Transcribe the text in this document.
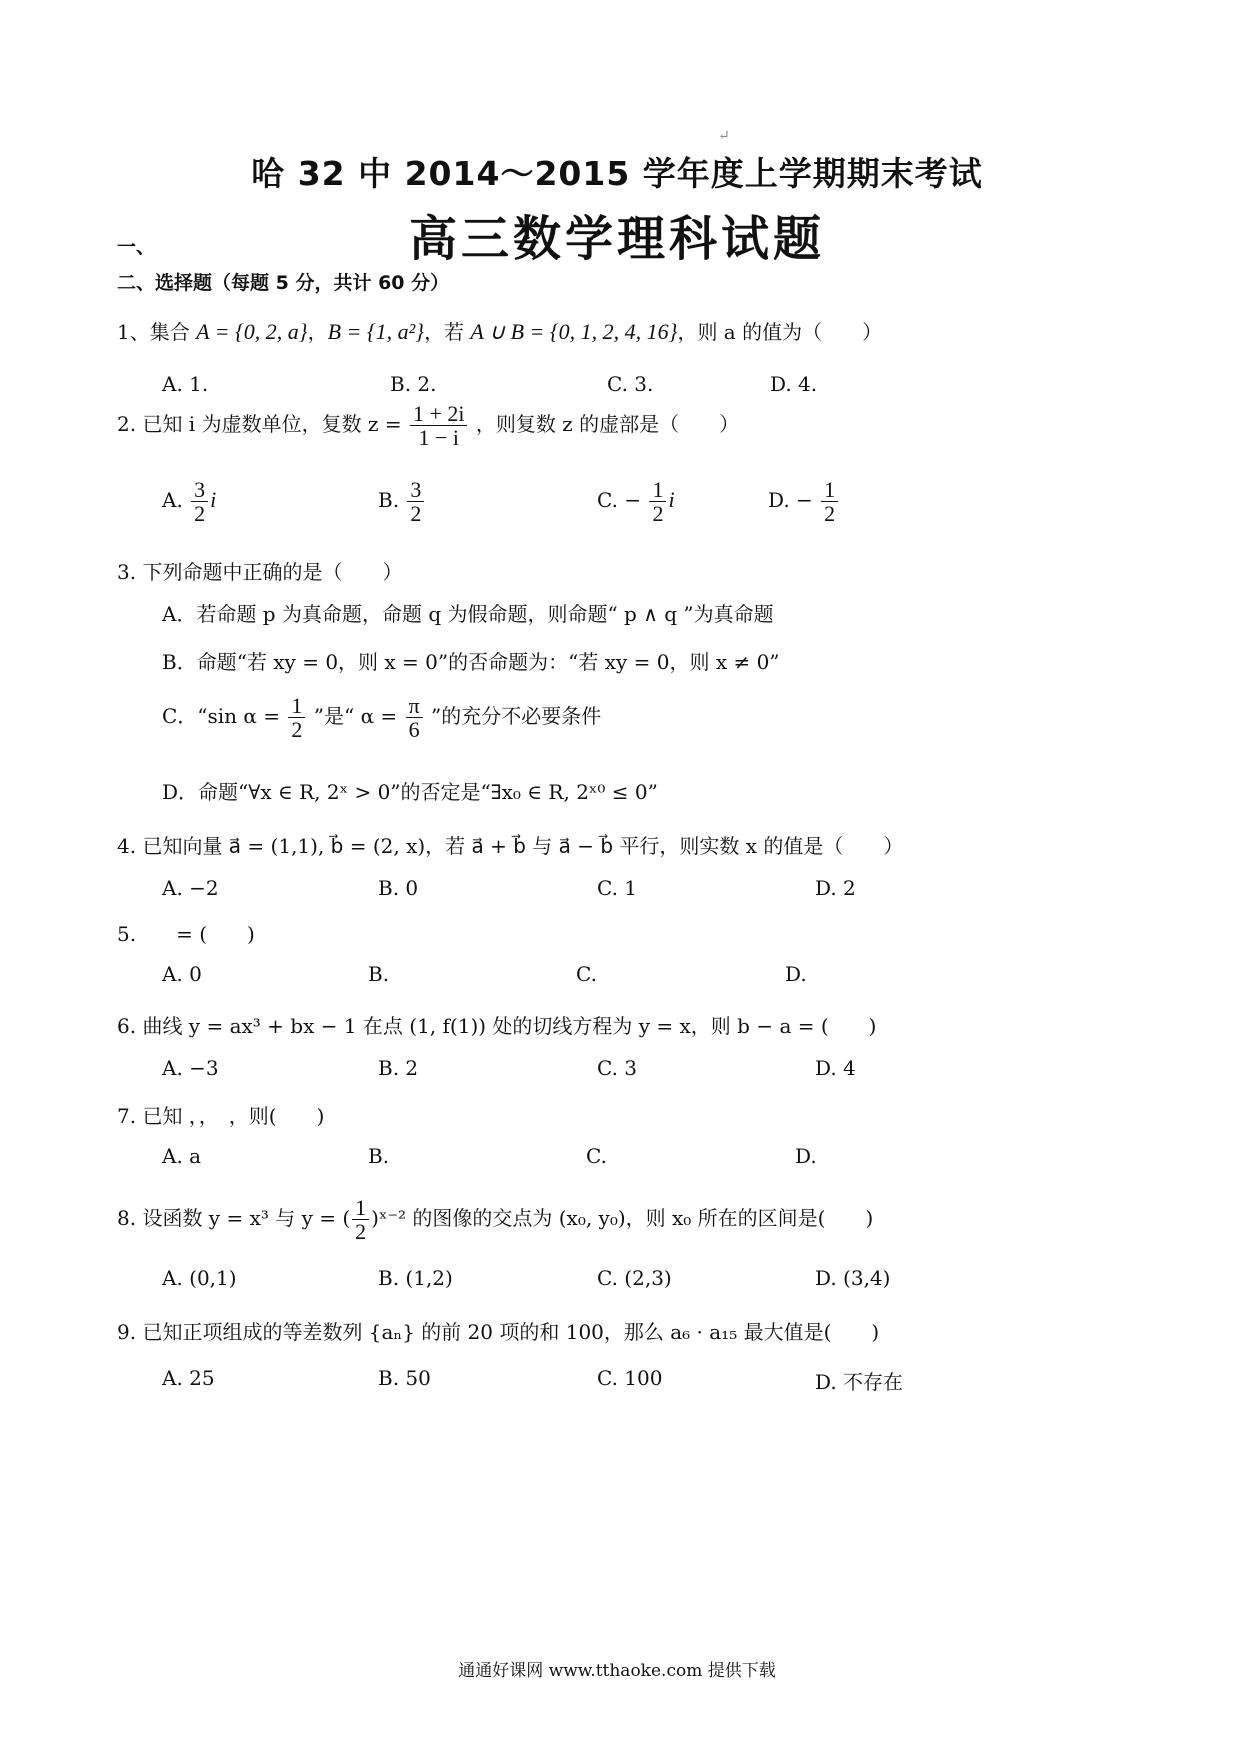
↵
哈 32 中 2014～2015 学年度上学期期末考试
高三数学理科试题
一、
二、选择题（每题 5 分，共计 60 分）
1、集合 A = {0, 2, a}，B = {1, a²}，若 A ∪ B = {0, 1, 2, 4, 16}，则 a 的值为（　　）
A. 1.	B. 2.	C. 3.	D. 4.
2. 已知 i 为虚数单位，复数 $z = \frac{1 + 2i}{1 - i}$ ，则复数 z 的虚部是（　　）
A. $\frac{3}{2}$ i	B. $\frac{3}{2}$	C. − $\frac{1}{2}$ i	D. − $\frac{1}{2}$
3. 下列命题中正确的是（　　）
A．若命题 p 为真命题，命题 q 为假命题，则命题“ p ∧ q ”为真命题
B．命题“若 xy = 0，则 x = 0”的否命题为：“若 xy = 0，则 x ≠ 0”
C．“sin $\alpha = \frac{1}{2}$ ”是“ $\alpha = \frac{\pi}{6}$ ”的充分不必要条件
D．命题“∀x ∈ R, 2ˣ > 0”的否定是“∃x₀ ∈ R, 2ˣ⁰ ≤ 0”
4. 已知向量 a⃗ = (1,1), b⃗ = (2, x)，若 a⃗ + b⃗ 与 a⃗ − b⃗ 平行，则实数 x 的值是（　　）
A. −2	B. 0	C. 1	D. 2
5.　　 = (　　)
A. 0	B.	C.	D.
6. 曲线 y = ax³ + bx − 1 在点 (1, f(1)) 处的切线方程为 y = x，则 b − a = (　　)
A. −3	B. 2	C. 3	D. 4
7. 已知 ，，　，则(　　)
A. a	B.	C.	D.
8. 设函数 y = x³ 与 y = ( $\frac{1}{2}$ )ˣ⁻² 的图像的交点为 (x₀, y₀)，则 x₀ 所在的区间是(　　)
A. (0,1)	B. (1,2)	C. (2,3)	D. (3,4)
9. 已知正项组成的等差数列 {aₙ} 的前 20 项的和 100，那么 a₆ · a₁₅ 最大值是(　　)
A. 25	B. 50	C. 100	D. 不存在
通通好课网 www.tthaoke.com 提供下载
